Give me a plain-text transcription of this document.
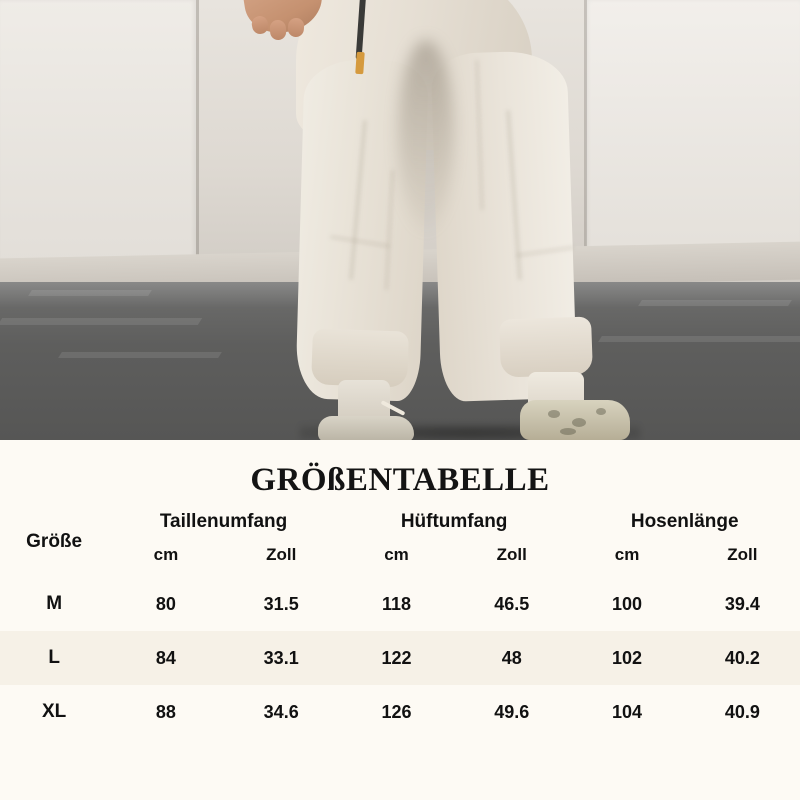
GRÖßENTABELLE
Größe	Taillenumfang		Hüftumfang		Hosenlänge	
	cm	Zoll	cm	Zoll	cm	Zoll
M	80	31.5	118	46.5	100	39.4
L	84	33.1	122	48	102	40.2
XL	88	34.6	126	49.6	104	40.9
